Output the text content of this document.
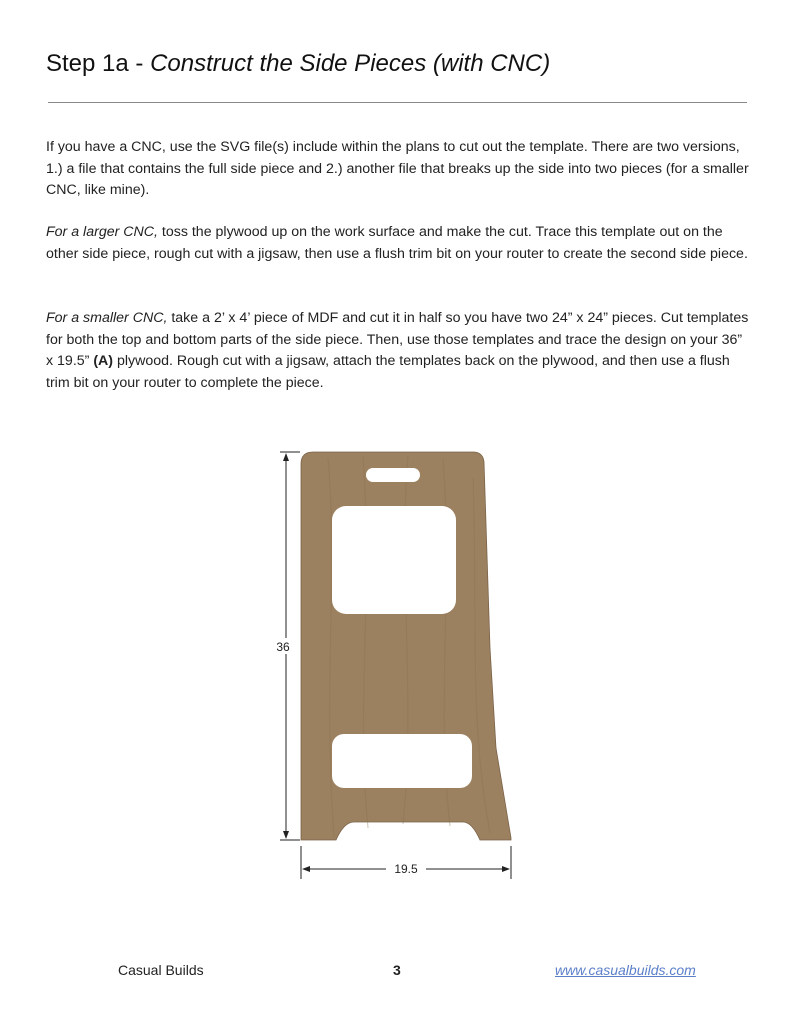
Step 1a - Construct the Side Pieces (with CNC)

If you have a CNC, use the SVG file(s) include within the plans to cut out the template. There are two versions, 1.) a file that contains the full side piece and 2.) another file that breaks up the side into two pieces (for a smaller CNC, like mine).

For a larger CNC, toss the plywood up on the work surface and make the cut. Trace this template out on the other side piece, rough cut with a jigsaw, then use a flush trim bit on your router to create the second side piece.

For a smaller CNC, take a 2’ x 4’ piece of MDF and cut it in half so you have two 24” x 24” pieces. Cut templates for both the top and bottom parts of the side piece. Then, use those templates and trace the design on your 36” x 19.5” (A) plywood. Rough cut with a jigsaw, attach the templates back on the plywood, and then use a flush trim bit on your router to complete the piece.

36
19.5
Casual Builds	3	www.casualbuilds.com
